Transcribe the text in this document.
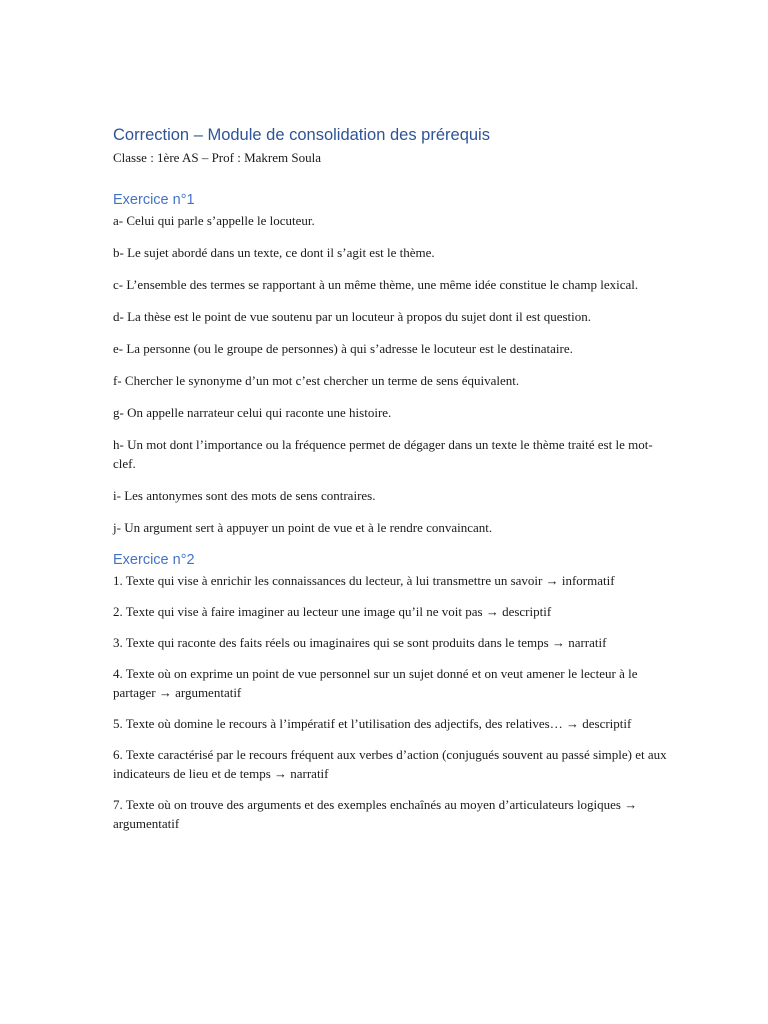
Correction – Module de consolidation des prérequis

Classe : 1ère AS – Prof : Makrem Soula

Exercice n°1

a- Celui qui parle s’appelle le locuteur.

b- Le sujet abordé dans un texte, ce dont il s’agit est le thème.

c- L’ensemble des termes se rapportant à un même thème, une même idée constitue le champ lexical.

d- La thèse est le point de vue soutenu par un locuteur à propos du sujet dont il est question.

e- La personne (ou le groupe de personnes) à qui s’adresse le locuteur est le destinataire.

f- Chercher le synonyme d’un mot c’est chercher un terme de sens équivalent.

g- On appelle narrateur celui qui raconte une histoire.

h- Un mot dont l’importance ou la fréquence permet de dégager dans un texte le thème traité est le mot-clef.

i- Les antonymes sont des mots de sens contraires.

j- Un argument sert à appuyer un point de vue et à le rendre convaincant.

Exercice n°2

1. Texte qui vise à enrichir les connaissances du lecteur, à lui transmettre un savoir → informatif

2. Texte qui vise à faire imaginer au lecteur une image qu’il ne voit pas → descriptif

3. Texte qui raconte des faits réels ou imaginaires qui se sont produits dans le temps → narratif

4. Texte où on exprime un point de vue personnel sur un sujet donné et on veut amener le lecteur à le partager → argumentatif

5. Texte où domine le recours à l’impératif et l’utilisation des adjectifs, des relatives… → descriptif

6. Texte caractérisé par le recours fréquent aux verbes d’action (conjugués souvent au passé simple) et aux indicateurs de lieu et de temps → narratif

7. Texte où on trouve des arguments et des exemples enchaînés au moyen d’articulateurs logiques → argumentatif
